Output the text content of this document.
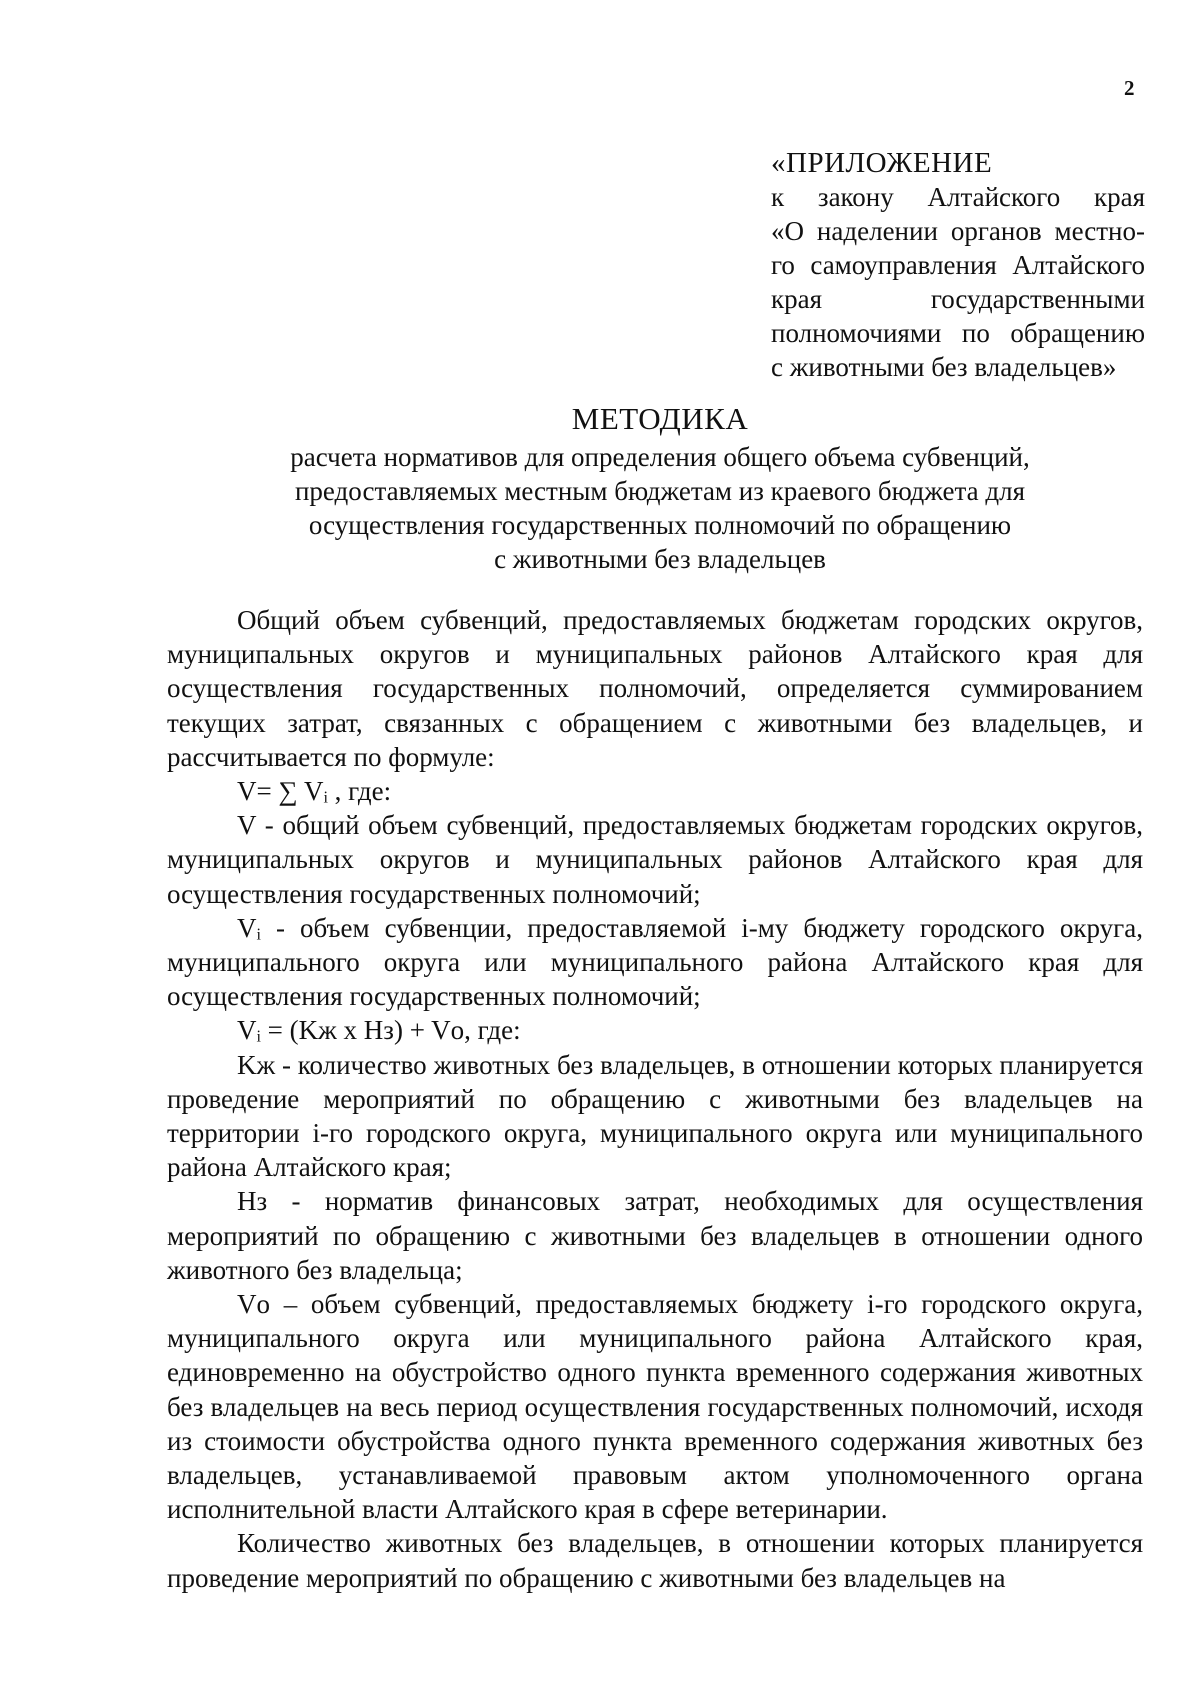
2
«ПРИЛОЖЕНИЕ
к закону Алтайского края
«О наделении органов местно-
го самоуправления Алтайского
края государственными
полномочиями по обращению
с животными без владельцев»
МЕТОДИКА
расчета нормативов для определения общего объема субвенций,
предоставляемых местным бюджетам из краевого бюджета для
осуществления государственных полномочий по обращению
с животными без владельцев

Общий объем субвенций, предоставляемых бюджетам городских округов, муниципальных округов и муниципальных районов Алтайского края для осуществления государственных полномочий, определяется суммированием текущих затрат, связанных с обращением с животными без владельцев, и рассчитывается по формуле:

V= ∑ Vᵢ , где:

V - общий объем субвенций, предоставляемых бюджетам городских округов, муниципальных округов и муниципальных районов Алтайского края для осуществления государственных полномочий;

Vᵢ - объем субвенции, предоставляемой i-му бюджету городского округа, муниципального округа или муниципального района Алтайского края для осуществления государственных полномочий;

Vᵢ = (Kж x Hз) + Vо, где:

Kж - количество животных без владельцев, в отношении которых планируется проведение мероприятий по обращению с животными без владельцев на территории i-го городского округа, муниципального округа или муниципального района Алтайского края;

Hз - норматив финансовых затрат, необходимых для осуществления мероприятий по обращению с животными без владельцев в отношении одного животного без владельца;

Vо – объем субвенций, предоставляемых бюджету i-го городского округа, муниципального округа или муниципального района Алтайского края, единовременно на обустройство одного пункта временного содержания животных без владельцев на весь период осуществления государственных полномочий, исходя из стоимости обустройства одного пункта временного содержания животных без владельцев, устанавливаемой правовым актом уполномоченного органа исполнительной власти Алтайского края в сфере ветеринарии.

Количество животных без владельцев, в отношении которых планируется проведение мероприятий по обращению с животными без владельцев на
